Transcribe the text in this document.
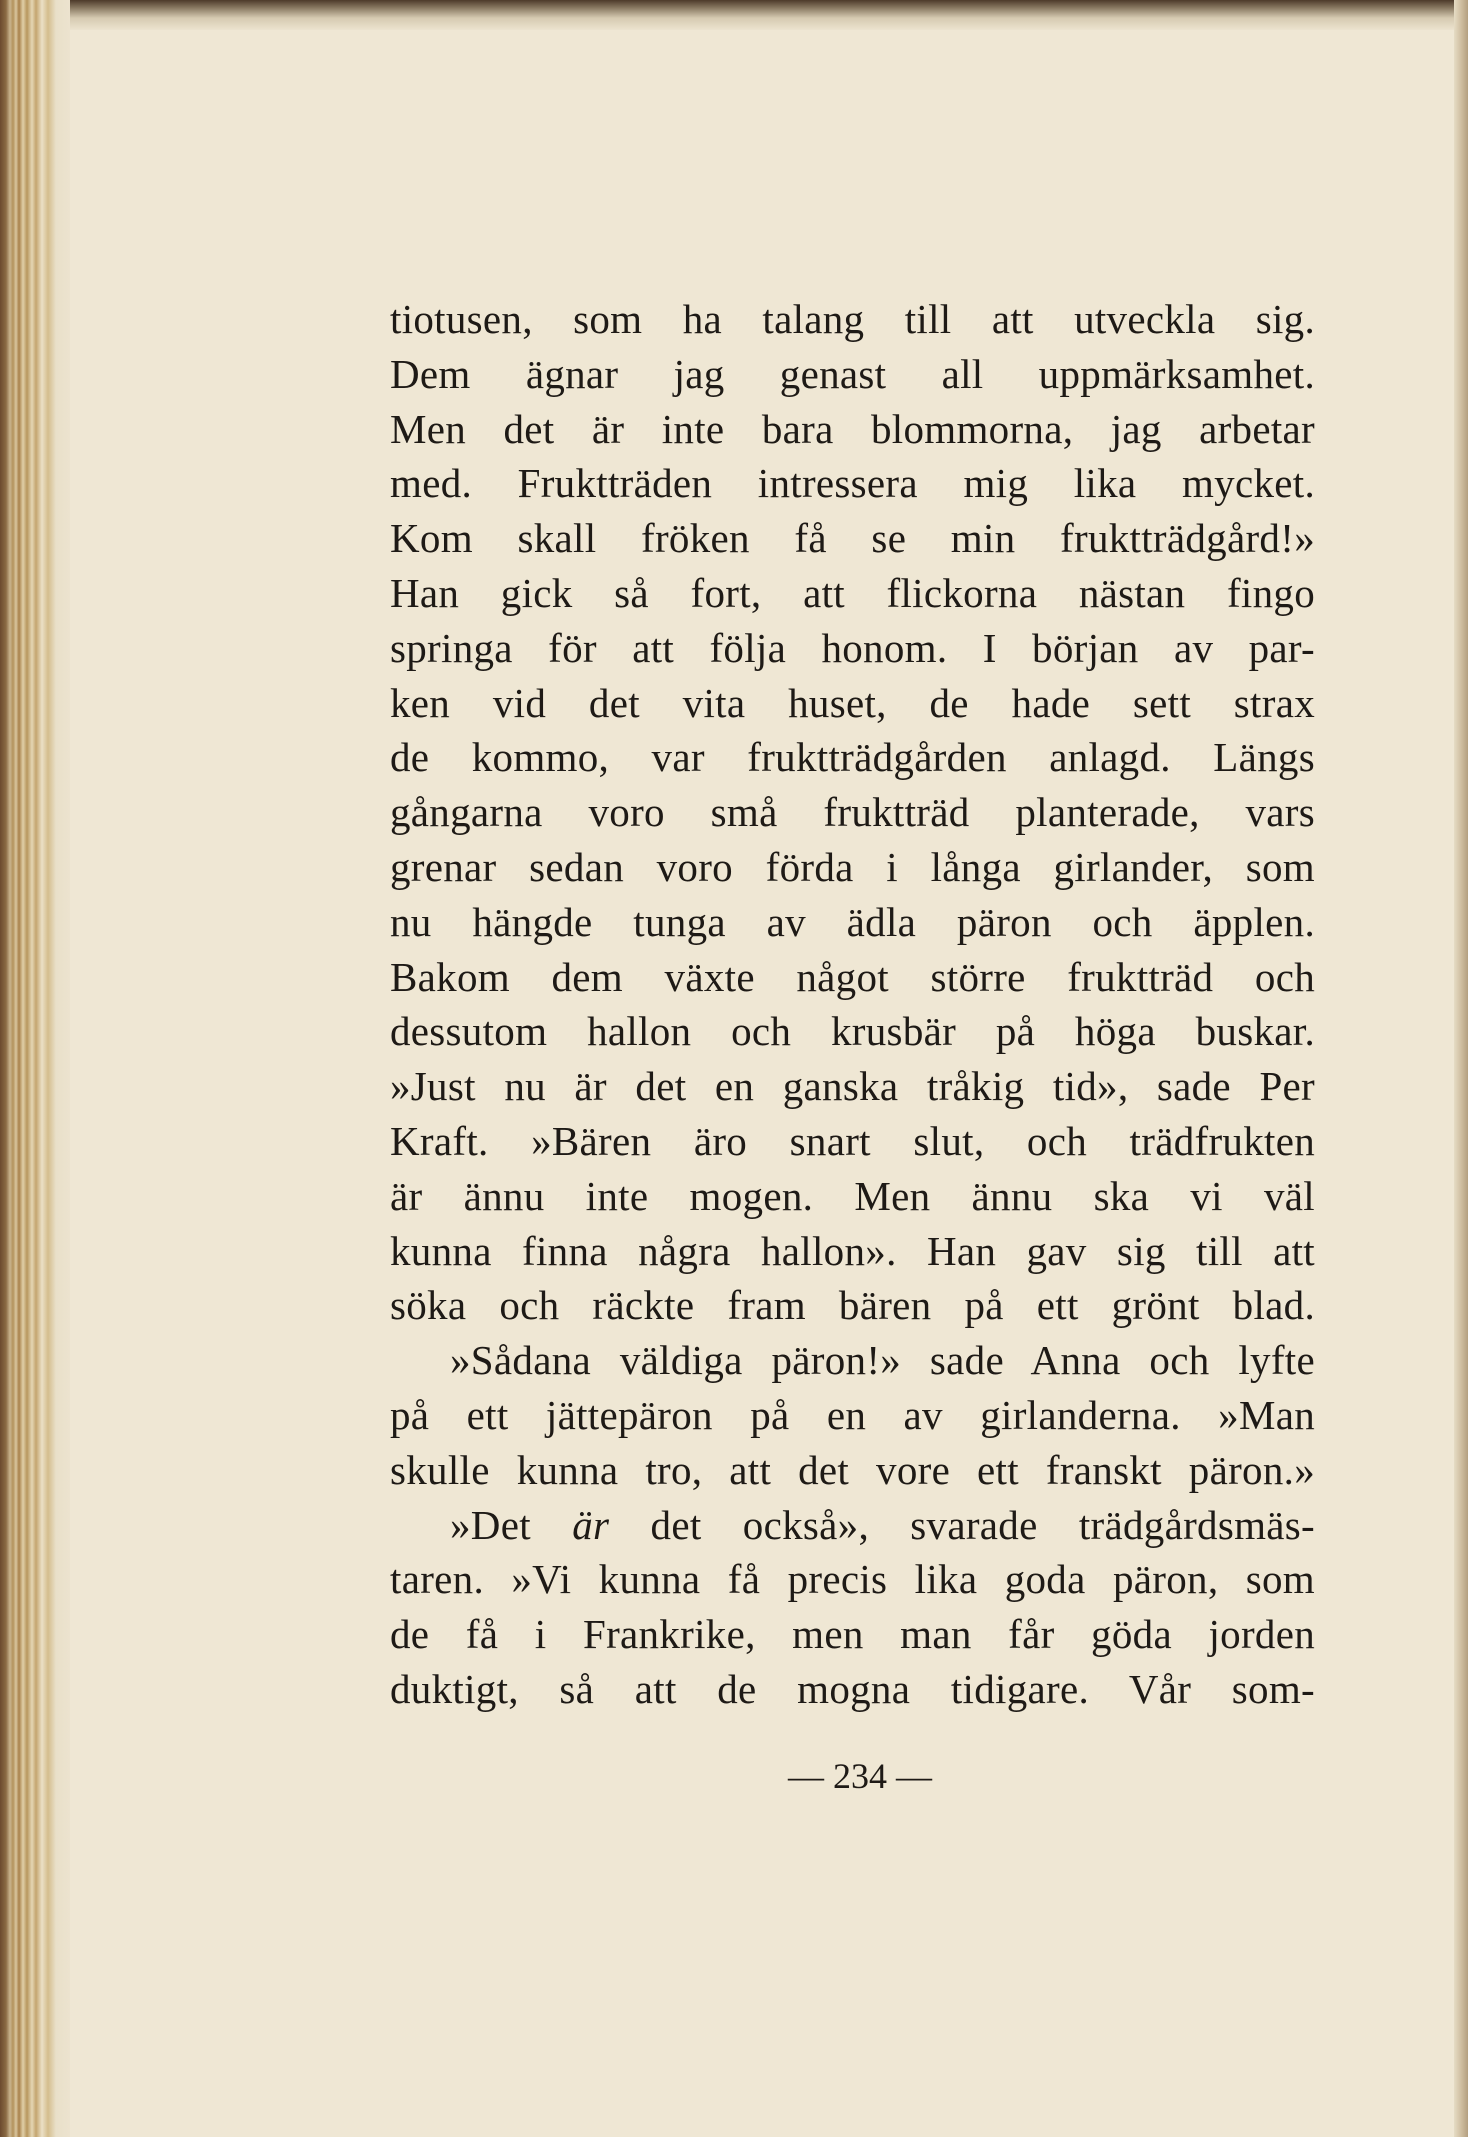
tiotusen, som ha talang till att utveckla sig.
Dem ägnar jag genast all uppmärksamhet.
Men det är inte bara blommorna, jag arbetar
med. Fruktträden intressera mig lika mycket.
Kom skall fröken få se min fruktträdgård!»
Han gick så fort, att flickorna nästan fingo
springa för att följa honom. I början av par-
ken vid det vita huset, de hade sett strax
de kommo, var fruktträdgården anlagd. Längs
gångarna voro små fruktträd planterade, vars
grenar sedan voro förda i långa girlander, som
nu hängde tunga av ädla päron och äpplen.
Bakom dem växte något större fruktträd och
dessutom hallon och krusbär på höga buskar.
»Just nu är det en ganska tråkig tid», sade Per
Kraft. »Bären äro snart slut, och trädfrukten
är ännu inte mogen. Men ännu ska vi väl
kunna finna några hallon». Han gav sig till att
söka och räckte fram bären på ett grönt blad.
»Sådana väldiga päron!» sade Anna och lyfte
på ett jättepäron på en av girlanderna. »Man
skulle kunna tro, att det vore ett franskt päron.»
»Det är det också», svarade trädgårdsmäs-
taren. »Vi kunna få precis lika goda päron, som
de få i Frankrike, men man får göda jorden
duktigt, så att de mogna tidigare. Vår som-
— 234 —
